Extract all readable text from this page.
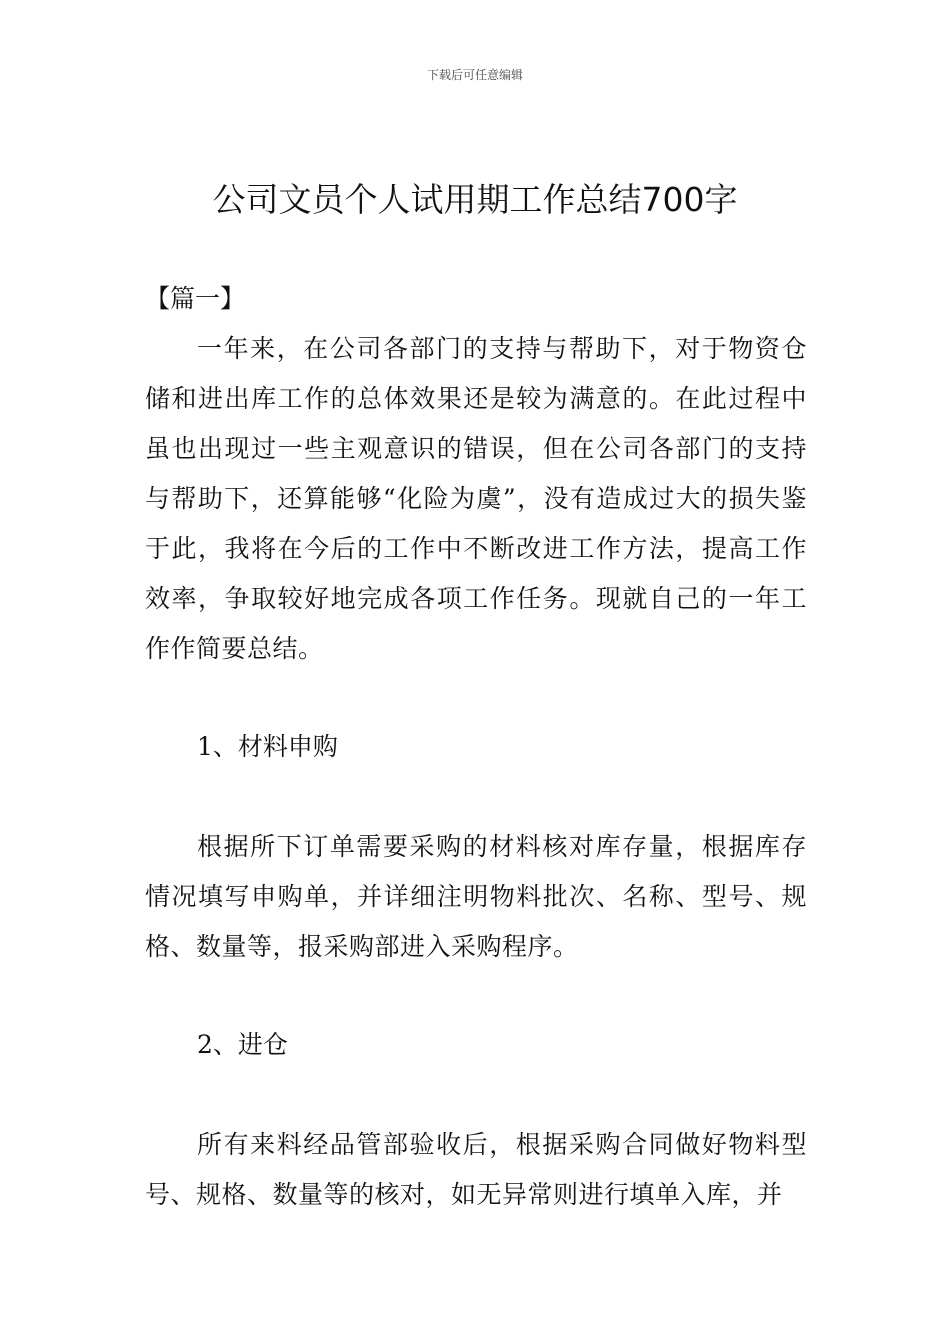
下载后可任意编辑
公司文员个人试用期工作总结700字
【篇一】

一年来，在公司各部门的支持与帮助下，对于物资仓储和进出库工作的总体效果还是较为满意的。在此过程中虽也出现过一些主观意识的错误，但在公司各部门的支持与帮助下，还算能够“化险为虞”，没有造成过大的损失鉴于此，我将在今后的工作中不断改进工作方法，提高工作效率，争取较好地完成各项工作任务。现就自己的一年工作作简要总结。

1、材料申购

根据所下订单需要采购的材料核对库存量，根据库存情况填写申购单，并详细注明物料批次、名称、型号、规格、数量等，报采购部进入采购程序。

2、进仓

所有来料经品管部验收后，根据采购合同做好物料型号、规格、数量等的核对，如无异常则进行填单入库，并
